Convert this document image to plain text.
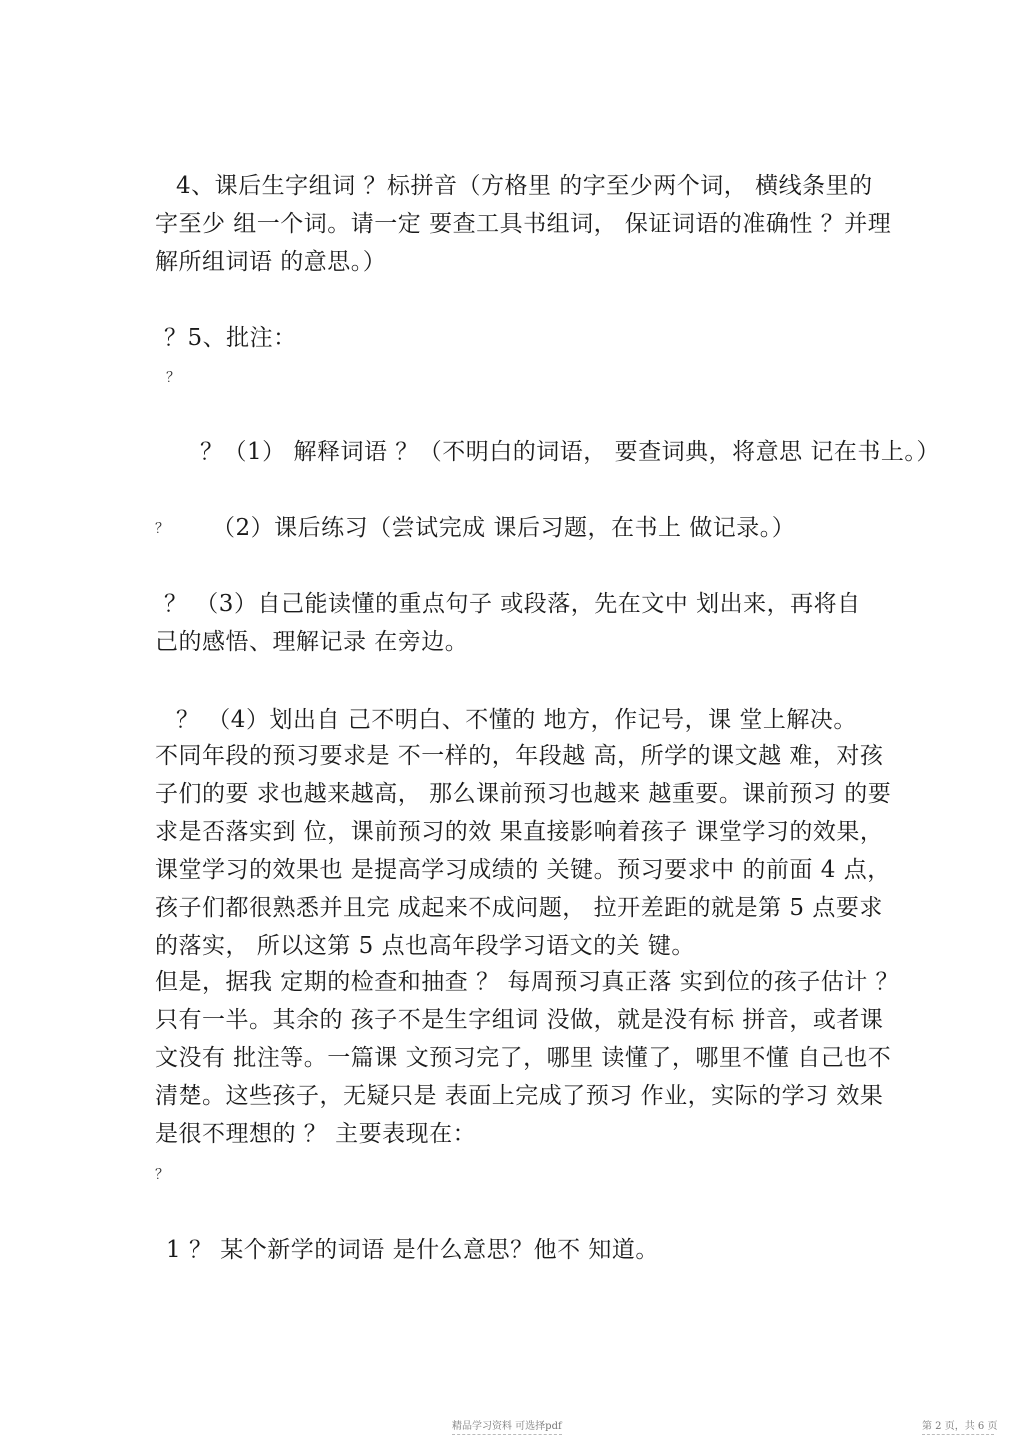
4、课后生字组词 ？标拼音（方格里 的字至少两个词， 横线条里的
字至少 组一个词。请一定 要查工具书组词， 保证词语的准确性 ？并理
解所组词语 的意思。）
？5、批注：
？
？（1） 解释词语 ？（不明白的词语， 要查词典，将意思 记在书上。）
？ （2）课后练习（尝试完成 课后习题，在书上 做记录。）
？ （3）自己能读懂的重点句子 或段落，先在文中 划出来，再将自
己的感悟、理解记录 在旁边。
？ （4）划出自 己不明白、不懂的 地方，作记号，课 堂上解决。
不同年段的预习要求是 不一样的，年段越 高，所学的课文越 难，对孩
子们的要 求也越来越高， 那么课前预习也越来 越重要。课前预习 的要
求是否落实到 位，课前预习的效 果直接影响着孩子 课堂学习的效果，
课堂学习的效果也 是提高学习成绩的 关键。预习要求中 的前面 4 点，
孩子们都很熟悉并且完 成起来不成问题， 拉开差距的就是第 5 点要求
的落实， 所以这第 5 点也高年段学习语文的关 键。
但是，据我 定期的检查和抽查 ？ 每周预习真正落 实到位的孩子估计 ？
只有一半。其余的 孩子不是生字组词 没做，就是没有标 拼音，或者课
文没有 批注等。一篇课 文预习完了，哪里 读懂了，哪里不懂 自己也不
清楚。这些孩子，无疑只是 表面上完成了预习 作业，实际的学习 效果
是很不理想的 ？ 主要表现在：
？
1 ？ 某个新学的词语 是什么意思？他不 知道。
精品学习资料 可选择pdf	第 2 页，共 6 页
